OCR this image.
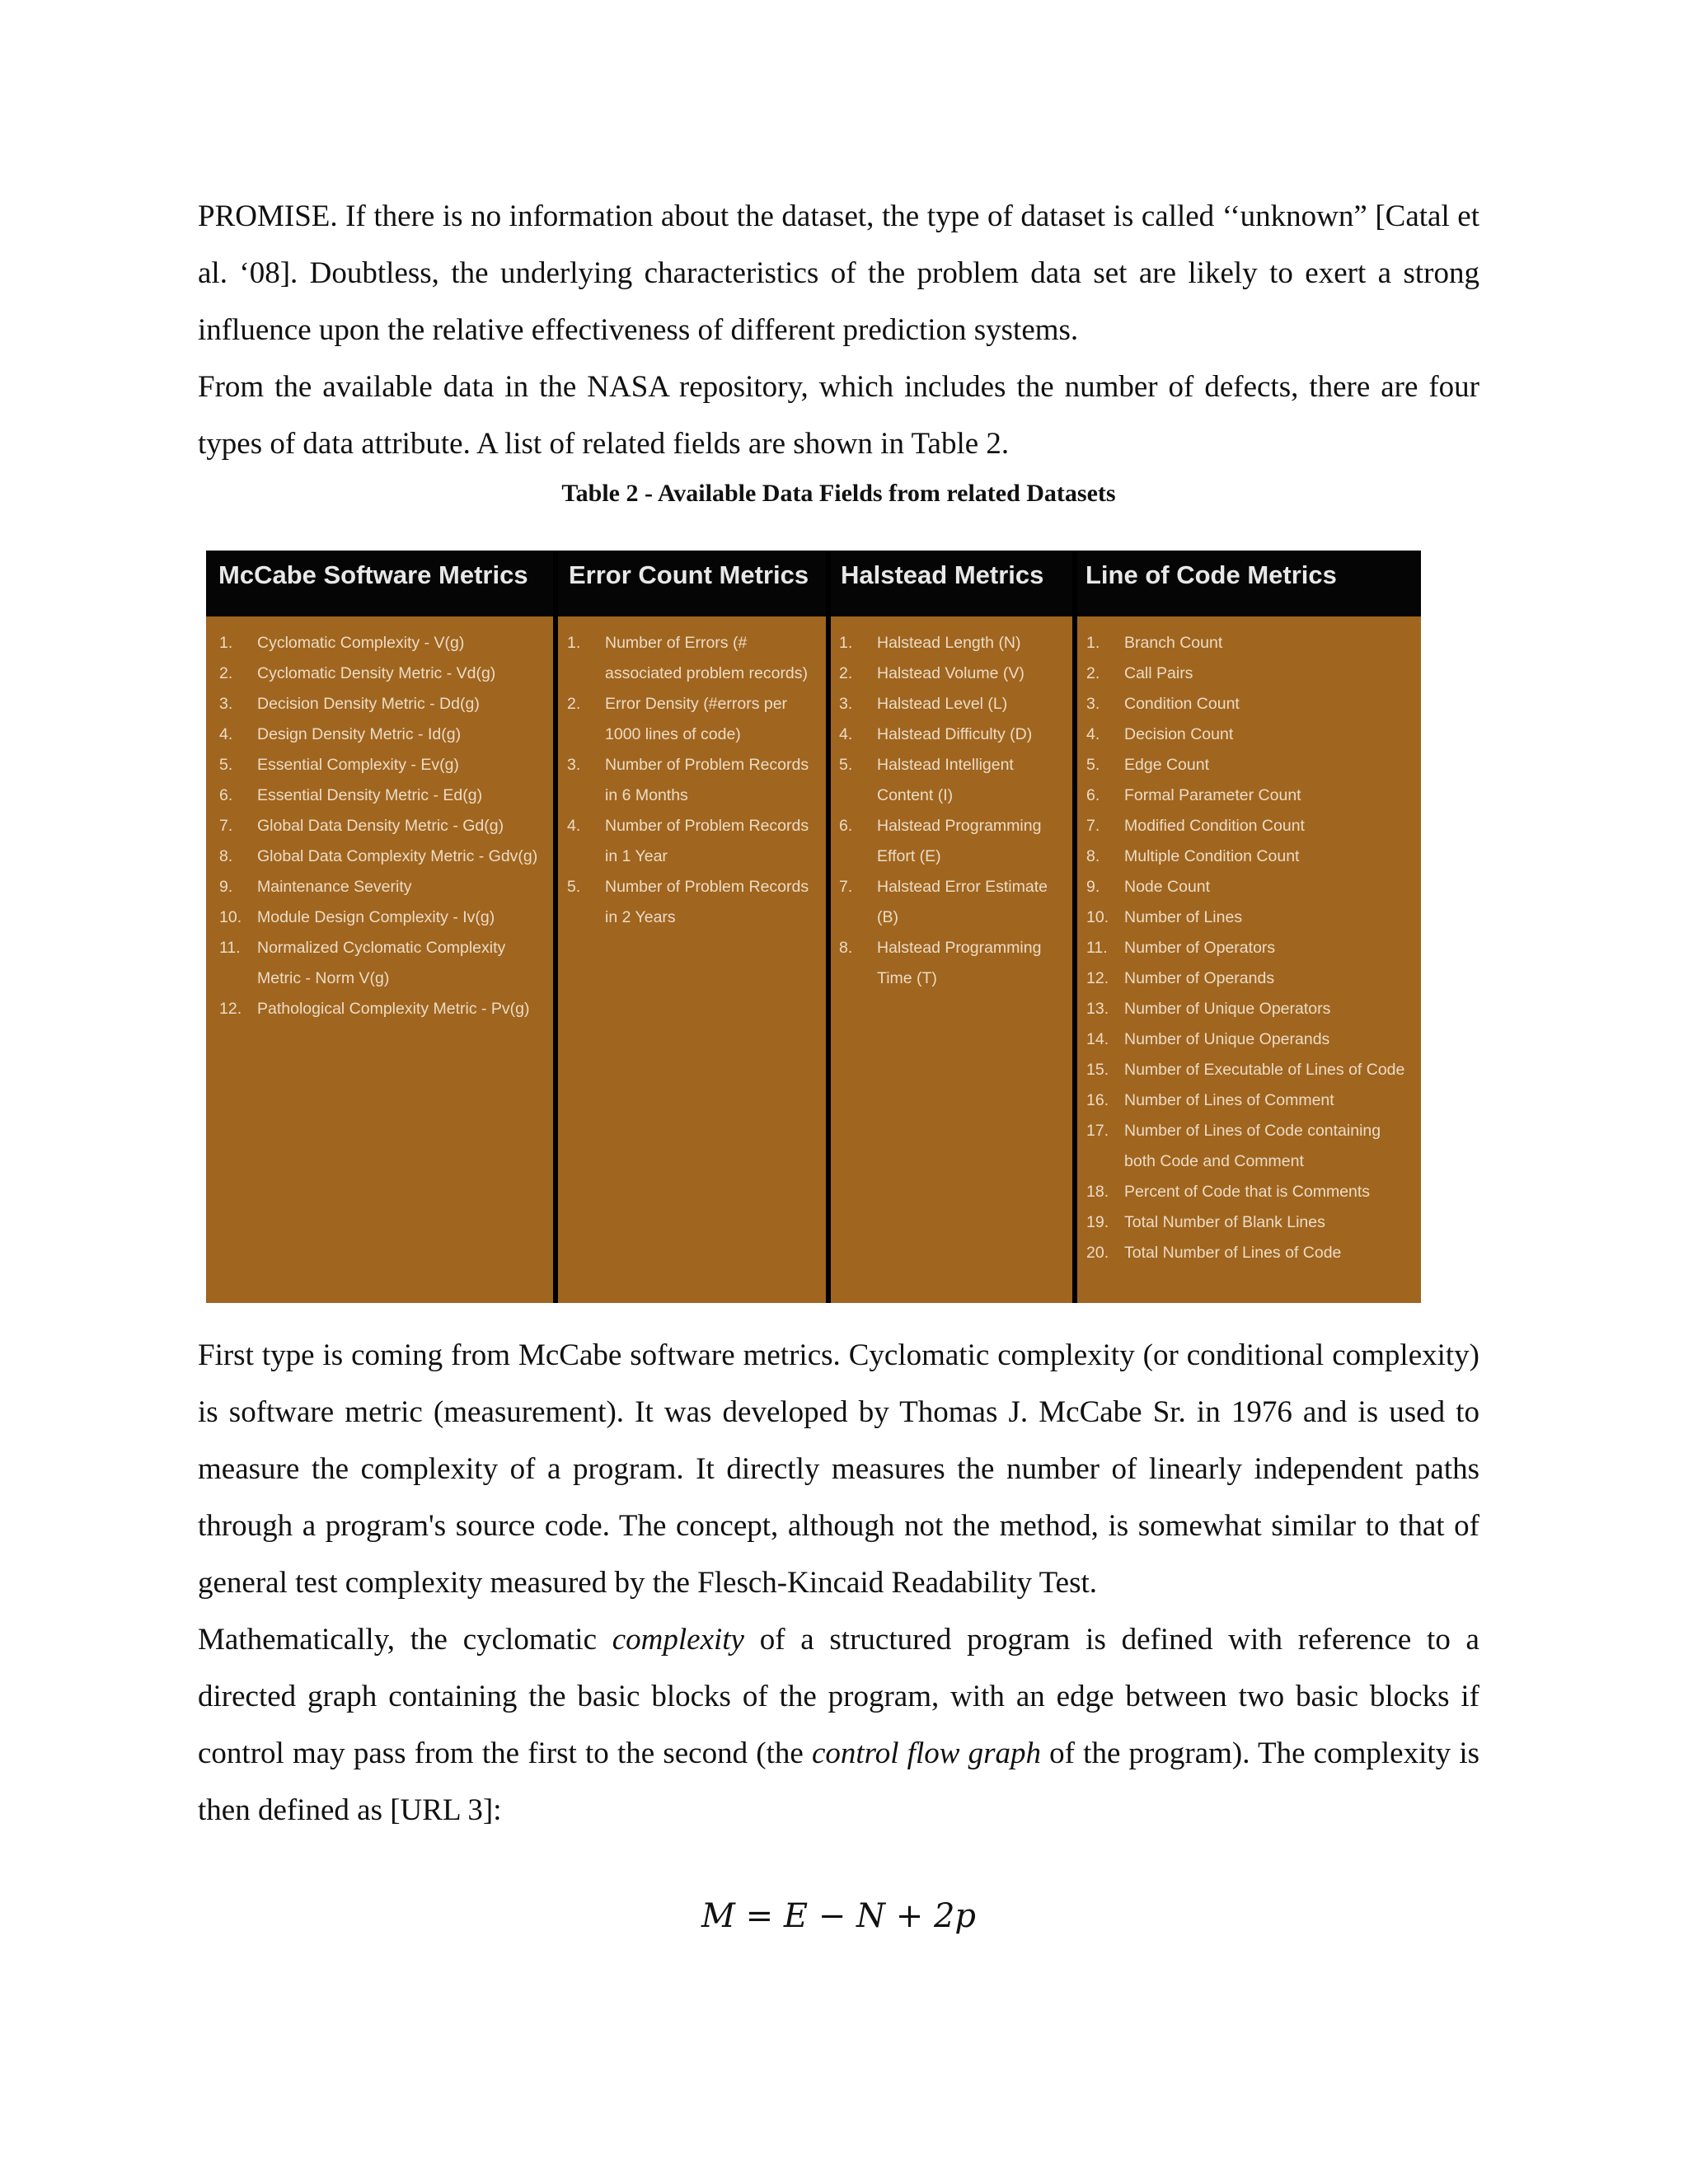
PROMISE. If there is no information about the dataset, the type of dataset is called ‘‘unknown” [Catal et al. ‘08]. Doubtless, the underlying characteristics of the problem data set are likely to exert a strong influence upon the relative effectiveness of different prediction systems.

From the available data in the NASA repository, which includes the number of defects, there are four types of data attribute. A list of related fields are shown in Table 2.

Table 2 - Available Data Fields from related Datasets

McCabe Software Metrics Error Count Metrics Halstead Metrics Line of Code Metrics
1. Cyclomatic Complexity - V(g)
2. Cyclomatic Density Metric - Vd(g)
3. Decision Density Metric - Dd(g)
4. Design Density Metric - Id(g)
5. Essential Complexity - Ev(g)
6. Essential Density Metric - Ed(g)
7. Global Data Density Metric - Gd(g)
8. Global Data Complexity Metric - Gdv(g)
9. Maintenance Severity
10. Module Design Complexity - Iv(g)
11. Normalized Cyclomatic Complexity Metric - Norm V(g)
12. Pathological Complexity Metric - Pv(g)
1. Number of Errors (# associated problem records)
2. Error Density (#errors per 1000 lines of code)
3. Number of Problem Records in 6 Months
4. Number of Problem Records in 1 Year
5. Number of Problem Records in 2 Years
1. Halstead Length (N)
2. Halstead Volume (V)
3. Halstead Level (L)
4. Halstead Difficulty (D)
5. Halstead Intelligent Content (I)
6. Halstead Programming Effort (E)
7. Halstead Error Estimate (B)
8. Halstead Programming Time (T)
1. Branch Count
2. Call Pairs
3. Condition Count
4. Decision Count
5. Edge Count
6. Formal Parameter Count
7. Modified Condition Count
8. Multiple Condition Count
9. Node Count
10. Number of Lines
11. Number of Operators
12. Number of Operands
13. Number of Unique Operators
14. Number of Unique Operands
15. Number of Executable of Lines of Code
16. Number of Lines of Comment
17. Number of Lines of Code containing both Code and Comment
18. Percent of Code that is Comments
19. Total Number of Blank Lines
20. Total Number of Lines of Code

First type is coming from McCabe software metrics. Cyclomatic complexity (or conditional complexity) is software metric (measurement). It was developed by Thomas J. McCabe Sr. in 1976 and is used to measure the complexity of a program. It directly measures the number of linearly independent paths through a program's source code. The concept, although not the method, is somewhat similar to that of general test complexity measured by the Flesch-Kincaid Readability Test.

Mathematically, the cyclomatic complexity of a structured program is defined with reference to a directed graph containing the basic blocks of the program, with an edge between two basic blocks if control may pass from the first to the second (the control flow graph of the program). The complexity is then defined as [URL 3]:

M = E − N + 2p
